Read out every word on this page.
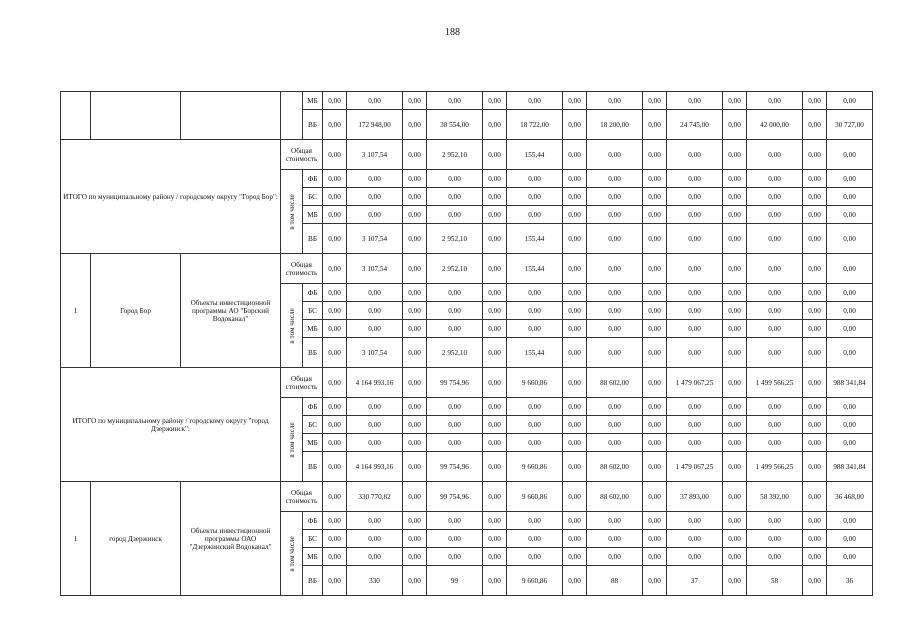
188
				МБ	0,00	0,00	0,00	0,00	0,00	0,00	0,00	0,00	0,00	0,00	0,00	0,00	0,00	0,00
				ВБ	0,00	172 948,00	0,00	38 554,00	0,00	18 722,00	0,00	18 200,00	0,00	24 745,00	0,00	42 000,00	0,00	30 727,00
ИТОГО по муниципальному району / городскому округу "Город Бор":			Общая стоимость		0,00	3 107,54	0,00	2 952,10	0,00	155,44	0,00	0,00	0,00	0,00	0,00	0,00	0,00	0,00

			в том числе	ФБ	0,00	0,00	0,00	0,00	0,00	0,00	0,00	0,00	0,00	0,00	0,00	0,00	0,00	0,00
				БС	0,00	0,00	0,00	0,00	0,00	0,00	0,00	0,00	0,00	0,00	0,00	0,00	0,00	0,00
				МБ	0,00	0,00	0,00	0,00	0,00	0,00	0,00	0,00	0,00	0,00	0,00	0,00	0,00	0,00
				ВБ	0,00	3 107,54	0,00	2 952,10	0,00	155,44	0,00	0,00	0,00	0,00	0,00	0,00	0,00	0,00
1	Город Бор	Объекты инвестиционной программы АО "Борский Водоканал"	Общая стоимость		0,00	3 107,54	0,00	2 952,10	0,00	155,44	0,00	0,00	0,00	0,00	0,00	0,00	0,00	0,00

			в том числе	ФБ	0,00	0,00	0,00	0,00	0,00	0,00	0,00	0,00	0,00	0,00	0,00	0,00	0,00	0,00
				БС	0,00	0,00	0,00	0,00	0,00	0,00	0,00	0,00	0,00	0,00	0,00	0,00	0,00	0,00
				МБ	0,00	0,00	0,00	0,00	0,00	0,00	0,00	0,00	0,00	0,00	0,00	0,00	0,00	0,00
				ВБ	0,00	3 107,54	0,00	2 952,10	0,00	155,44	0,00	0,00	0,00	0,00	0,00	0,00	0,00	0,00
ИТОГО по муниципальному району / городскому округу "город Дзержинск":			Общая стоимость		0,00	4 164 993,16	0,00	99 754,96	0,00	9 660,86	0,00	88 602,00	0,00	1 479 067,25	0,00	1 499 566,25	0,00	988 341,84

			в том числе	ФБ	0,00	0,00	0,00	0,00	0,00	0,00	0,00	0,00	0,00	0,00	0,00	0,00	0,00	0,00
				БС	0,00	0,00	0,00	0,00	0,00	0,00	0,00	0,00	0,00	0,00	0,00	0,00	0,00	0,00
				МБ	0,00	0,00	0,00	0,00	0,00	0,00	0,00	0,00	0,00	0,00	0,00	0,00	0,00	0,00
				ВБ	0,00	4 164 993,16	0,00	99 754,96	0,00	9 660,86	0,00	88 602,00	0,00	1 479 067,25	0,00	1 499 566,25	0,00	988 341,84
1	город Дзержинск	Объекты инвестиционной программы ОАО "Дзержинский Водоканал"	Общая стоимость		0,00	330 770,82	0,00	99 754,96	0,00	9 660,86	0,00	88 602,00	0,00	37 893,00	0,00	58 392,00	0,00	36 468,00

			в том числе	ФБ	0,00	0,00	0,00	0,00	0,00	0,00	0,00	0,00	0,00	0,00	0,00	0,00	0,00	0,00
				БС	0,00	0,00	0,00	0,00	0,00	0,00	0,00	0,00	0,00	0,00	0,00	0,00	0,00	0,00
				МБ	0,00	0,00	0,00	0,00	0,00	0,00	0,00	0,00	0,00	0,00	0,00	0,00	0,00	0,00
				ВБ	0,00	330	0,00	99	0,00	9 660,86	0,00	88	0,00	37	0,00	58	0,00	36
